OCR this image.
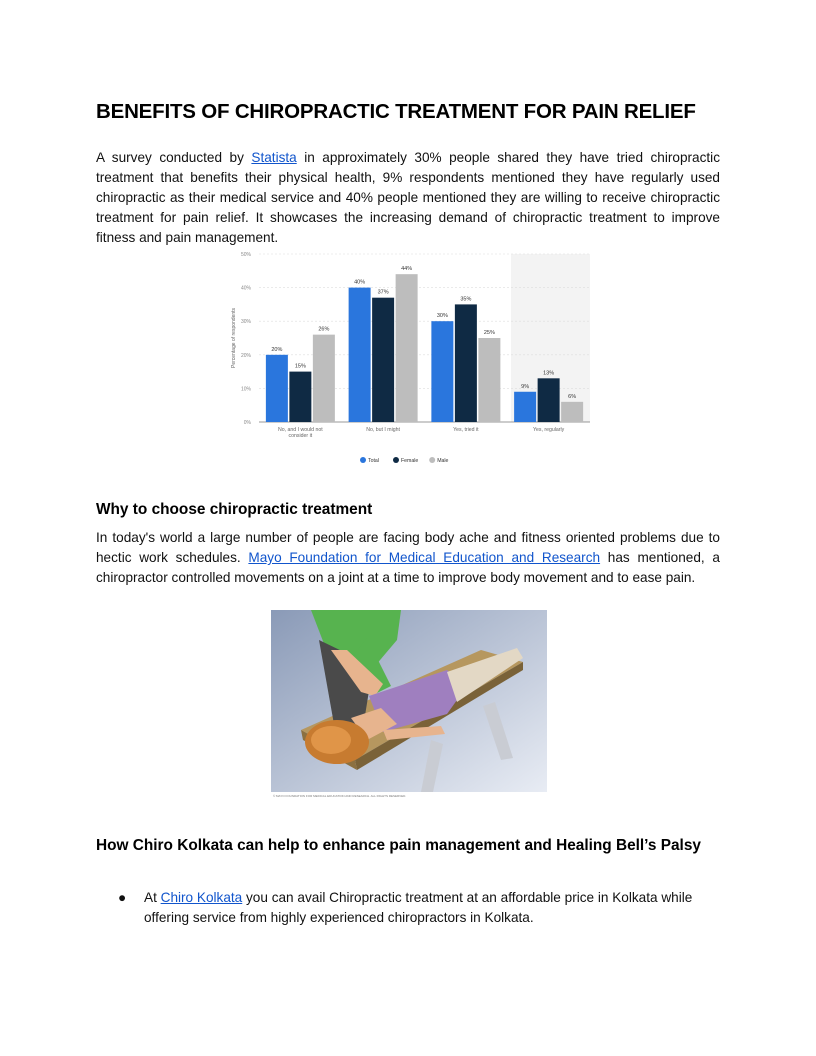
BENEFITS OF CHIROPRACTIC TREATMENT FOR PAIN RELIEF

A survey conducted by Statista in approximately 30% people shared they have tried chiropractic treatment that benefits their physical health, 9% respondents mentioned they have regularly used chiropractic as their medical service and 40% people mentioned they are willing to receive chiropractic treatment for pain relief. It showcases the increasing demand of chiropractic treatment to improve fitness and pain management.

0%
10%
20%
30%
40%
50%
Percentage of respondents	20%
15%
26%
40%
37%
44%
30%
35%
25%
9%
13%
6%
No, and I would not
consider it
No, but I might	Yes, tried it	Yes, regularly
Total	Female	Male
Why to choose chiropractic treatment

In today's world a large number of people are facing body ache and fitness oriented problems due to hectic work schedules. Mayo Foundation for Medical Education and Research has mentioned, a chiropractor controlled movements on a joint at a time to improve body movement and to ease pain.

© MAYO FOUNDATION FOR MEDICAL EDUCATION AND RESEARCH. ALL RIGHTS RESERVED.
How Chiro Kolkata can help to enhance pain management and Healing Bell’s Palsy
● At Chiro Kolkata you can avail Chiropractic treatment at an affordable price in Kolkata while offering service from highly experienced chiropractors in Kolkata.
